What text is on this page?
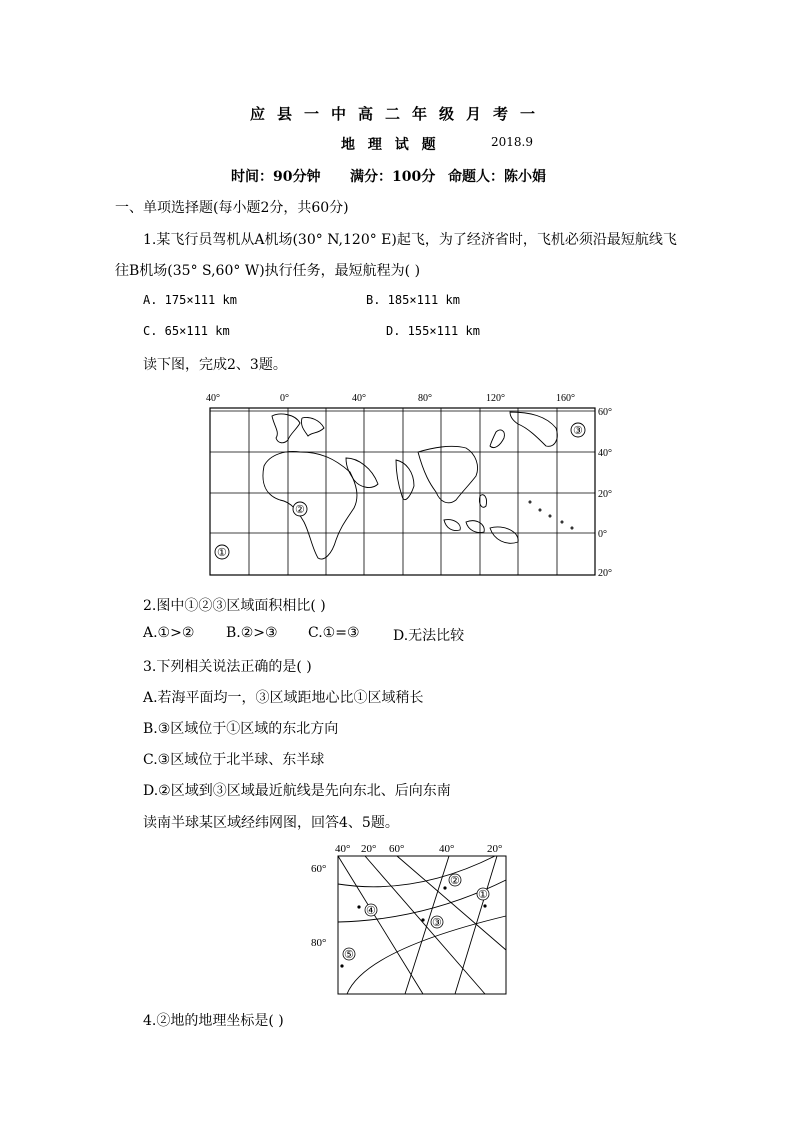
应县一中高二年级月考一
地 理 试 题	2018.9
时间：90分钟 满分：100分 命题人：陈小娟
一、单项选择题(每小题2分，共60分)
1.某飞行员驾机从A机场(30° N,120° E)起飞，为了经济省时，飞机必须沿最短航线飞
往B机场(35° S,60° W)执行任务，最短航程为( )
A. 175×111 km	B. 185×111 km
C. 65×111 km	D. 155×111 km
读下图，完成2、3题。
40°	0°	40°	80°	120°	160°
60°
40°
20°
0°
20°
①
②
③
2.图中①②③区域面积相比( )
A.①>② B.②>③ C.①=③ D.无法比较
3.下列相关说法正确的是( )
A.若海平面均一，③区域距地心比①区域稍长
B.③区域位于①区域的东北方向
C.③区域位于北半球、东半球
D.②区域到③区域最近航线是先向东北、后向东南
读南半球某区域经纬网图，回答4、5题。
40° 20° 60°	40°	20°
60°
80°
①
②
③
④
⑤
4.②地的地理坐标是( )
